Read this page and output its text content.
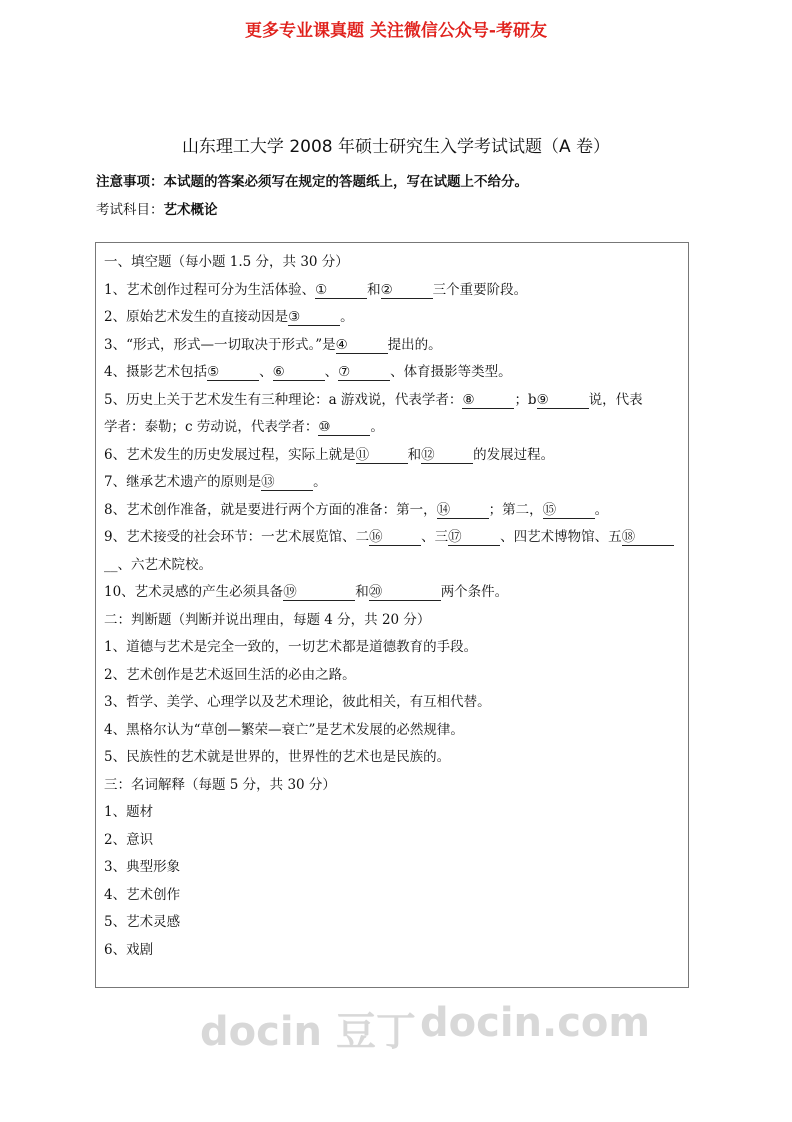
更多专业课真题 关注微信公众号-考研友
山东理工大学 2008 年硕士研究生入学考试试题（A 卷）
注意事项：本试题的答案必须写在规定的答题纸上，写在试题上不给分。
考试科目：艺术概论
一、填空题（每小题 1.5 分，共 30 分）
1、艺术创作过程可分为生活体验、①	和②	三个重要阶段。
2、原始艺术发生的直接动因是③	。
3、“形式，形式—一切取决于形式。”是④	提出的。
4、摄影艺术包括⑤	、⑥	、⑦	、体育摄影等类型。
5、历史上关于艺术发生有三种理论：a 游戏说，代表学者：⑧	；b⑨	说，代表
学者：泰勒；c 劳动说，代表学者：⑩	。
6、艺术发生的历史发展过程，实际上就是⑪	和⑫	的发展过程。
7、继承艺术遗产的原则是⑬	。
8、艺术创作准备，就是要进行两个方面的准备：第一，⑭	；第二，⑮	。
9、艺术接受的社会环节：一艺术展览馆、二⑯	、三⑰	、四艺术博物馆、五⑱
__、六艺术院校。
10、艺术灵感的产生必须具备⑲	和⑳	两个条件。
二：判断题（判断并说出理由，每题 4 分，共 20 分）
1、道德与艺术是完全一致的，一切艺术都是道德教育的手段。
2、艺术创作是艺术返回生活的必由之路。
3、哲学、美学、心理学以及艺术理论，彼此相关，有互相代替。
4、黑格尔认为“草创—繁荣—衰亡”是艺术发展的必然规律。
5、民族性的艺术就是世界的，世界性的艺术也是民族的。
三：名词解释（每题 5 分，共 30 分）
1、题材
2、意识
3、典型形象
4、艺术创作
5、艺术灵感
6、戏剧
docin 豆丁 docin.com
